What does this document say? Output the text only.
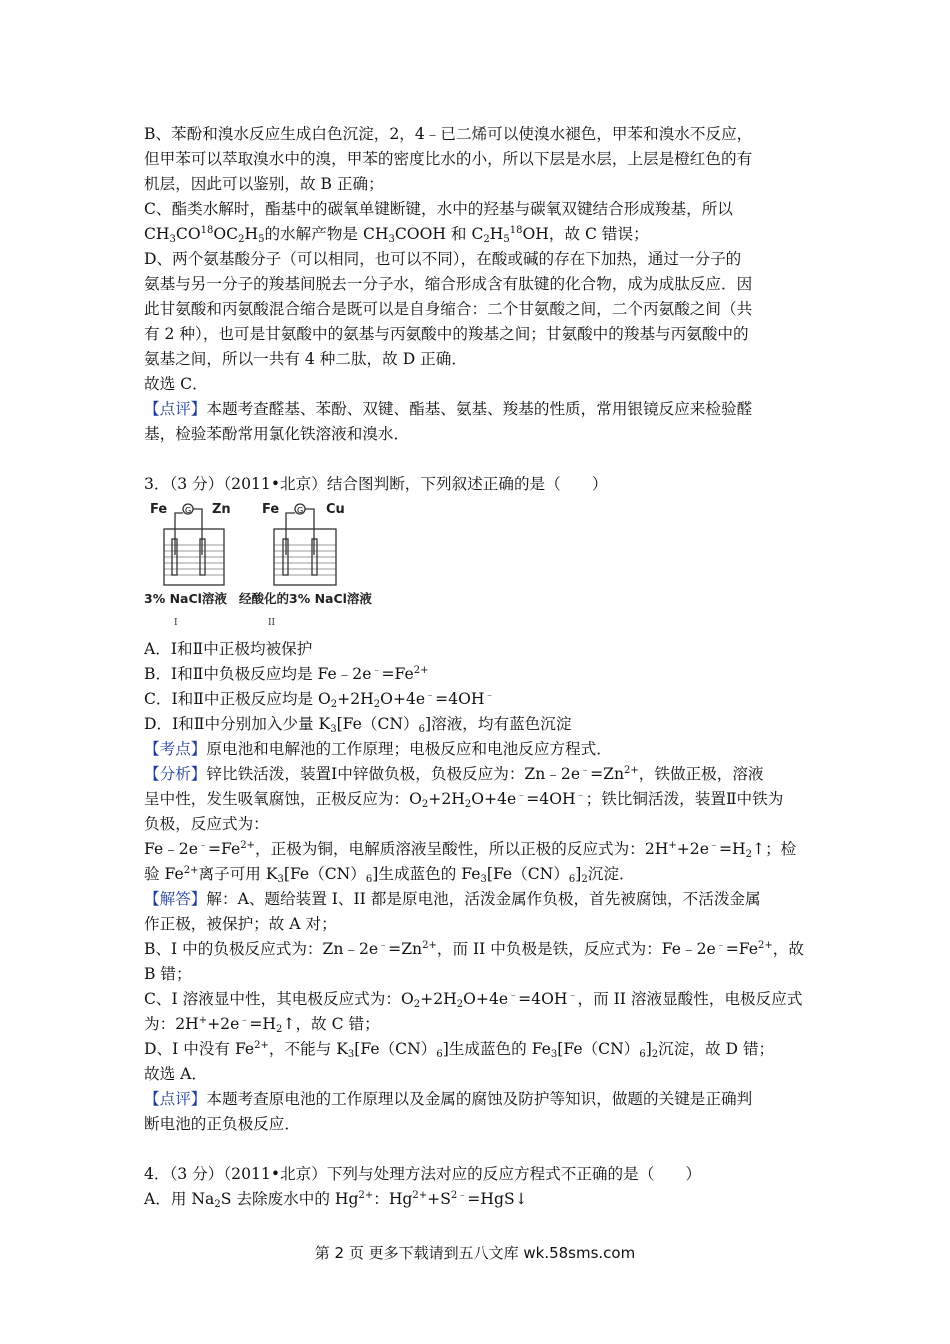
B、苯酚和溴水反应生成白色沉淀，2，4﹣已二烯可以使溴水褪色，甲苯和溴水不反应，
但甲苯可以萃取溴水中的溴，甲苯的密度比水的小，所以下层是水层，上层是橙红色的有
机层，因此可以鉴别，故 B 正确；
C、酯类水解时，酯基中的碳氧单键断键，水中的羟基与碳氧双键结合形成羧基，所以
$CH_3CO^{18}OC_2H_5$的水解产物是 $CH_3COOH$ 和 $C_2H_5^{18}OH$，故 C 错误；
D、两个氨基酸分子（可以相同，也可以不同），在酸或碱的存在下加热，通过一分子的
氨基与另一分子的羧基间脱去一分子水，缩合形成含有肽键的化合物，成为成肽反应．因
此甘氨酸和丙氨酸混合缩合是既可以是自身缩合：二个甘氨酸之间，二个丙氨酸之间（共
有 2 种），也可是甘氨酸中的氨基与丙氨酸中的羧基之间；甘氨酸中的羧基与丙氨酸中的
氨基之间，所以一共有 4 种二肽，故 D 正确．
故选 C．
【点评】本题考查醛基、苯酚、双键、酯基、氨基、羧基的性质，常用银镜反应来检验醛
基，检验苯酚常用氯化铁溶液和溴水．
3．（3 分）（2011•北京）结合图判断，下列叙述正确的是（　　）
Fe	Zn Fe	Cu
G	G
3% NaCl溶液 经酸化的3% NaCl溶液
I	II
A．Ⅰ和Ⅱ中正极均被保护
B．Ⅰ和Ⅱ中负极反应均是 $Fe﹣2e^﹣=Fe^{2+}$
C．Ⅰ和Ⅱ中正极反应均是 $O_2+2H_2O+4e^﹣=4OH^﹣$
D．Ⅰ和Ⅱ中分别加入少量 $K_3[Fe(CN)_6]$溶液，均有蓝色沉淀
【考点】原电池和电解池的工作原理；电极反应和电池反应方程式．
【分析】锌比铁活泼，装置Ⅰ中锌做负极，负极反应为：$Zn﹣2e^﹣=Zn^{2+}$，铁做正极，溶液
呈中性，发生吸氧腐蚀，正极反应为：$O_2+2H_2O+4e^﹣=4OH^﹣$；铁比铜活泼，装置Ⅱ中铁为
负极，反应式为：
$Fe﹣2e^﹣=Fe^{2+}$，正极为铜，电解质溶液呈酸性，所以正极的反应式为：$2H^++2e^﹣=H_2↑$；检
验 $Fe^{2+}$离子可用 $K_3[Fe(CN)_6]$生成蓝色的 $Fe_3[Fe(CN)_6]_2$沉淀．
【解答】解：A、题给装置 I、II 都是原电池，活泼金属作负极，首先被腐蚀，不活泼金属
作正极，被保护；故 A 对；
B、I 中的负极反应式为：$Zn﹣2e^﹣=Zn^{2+}$，而 II 中负极是铁，反应式为：$Fe﹣2e^﹣=Fe^{2+}$，故
B 错；
C、I 溶液显中性，其电极反应式为：$O_2+2H_2O+4e^﹣=4OH^﹣$，而 II 溶液显酸性，电极反应式
为：$2H^++2e^﹣=H_2↑$，故 C 错；
D、I 中没有 $Fe^{2+}$，不能与 $K_3[Fe(CN)_6]$生成蓝色的 $Fe_3[Fe(CN)_6]_2$沉淀，故 D 错；
故选 A．
【点评】本题考查原电池的工作原理以及金属的腐蚀及防护等知识，做题的关键是正确判
断电池的正负极反应．
4．（3 分）（2011•北京）下列与处理方法对应的反应方程式不正确的是（　　）
A．用 $Na_2S$ 去除废水中的 $Hg^{2+}$：$Hg^{2+}+S^{2﹣}=HgS↓$
第 2 页 更多下载请到五八文库 wk.58sms.com
